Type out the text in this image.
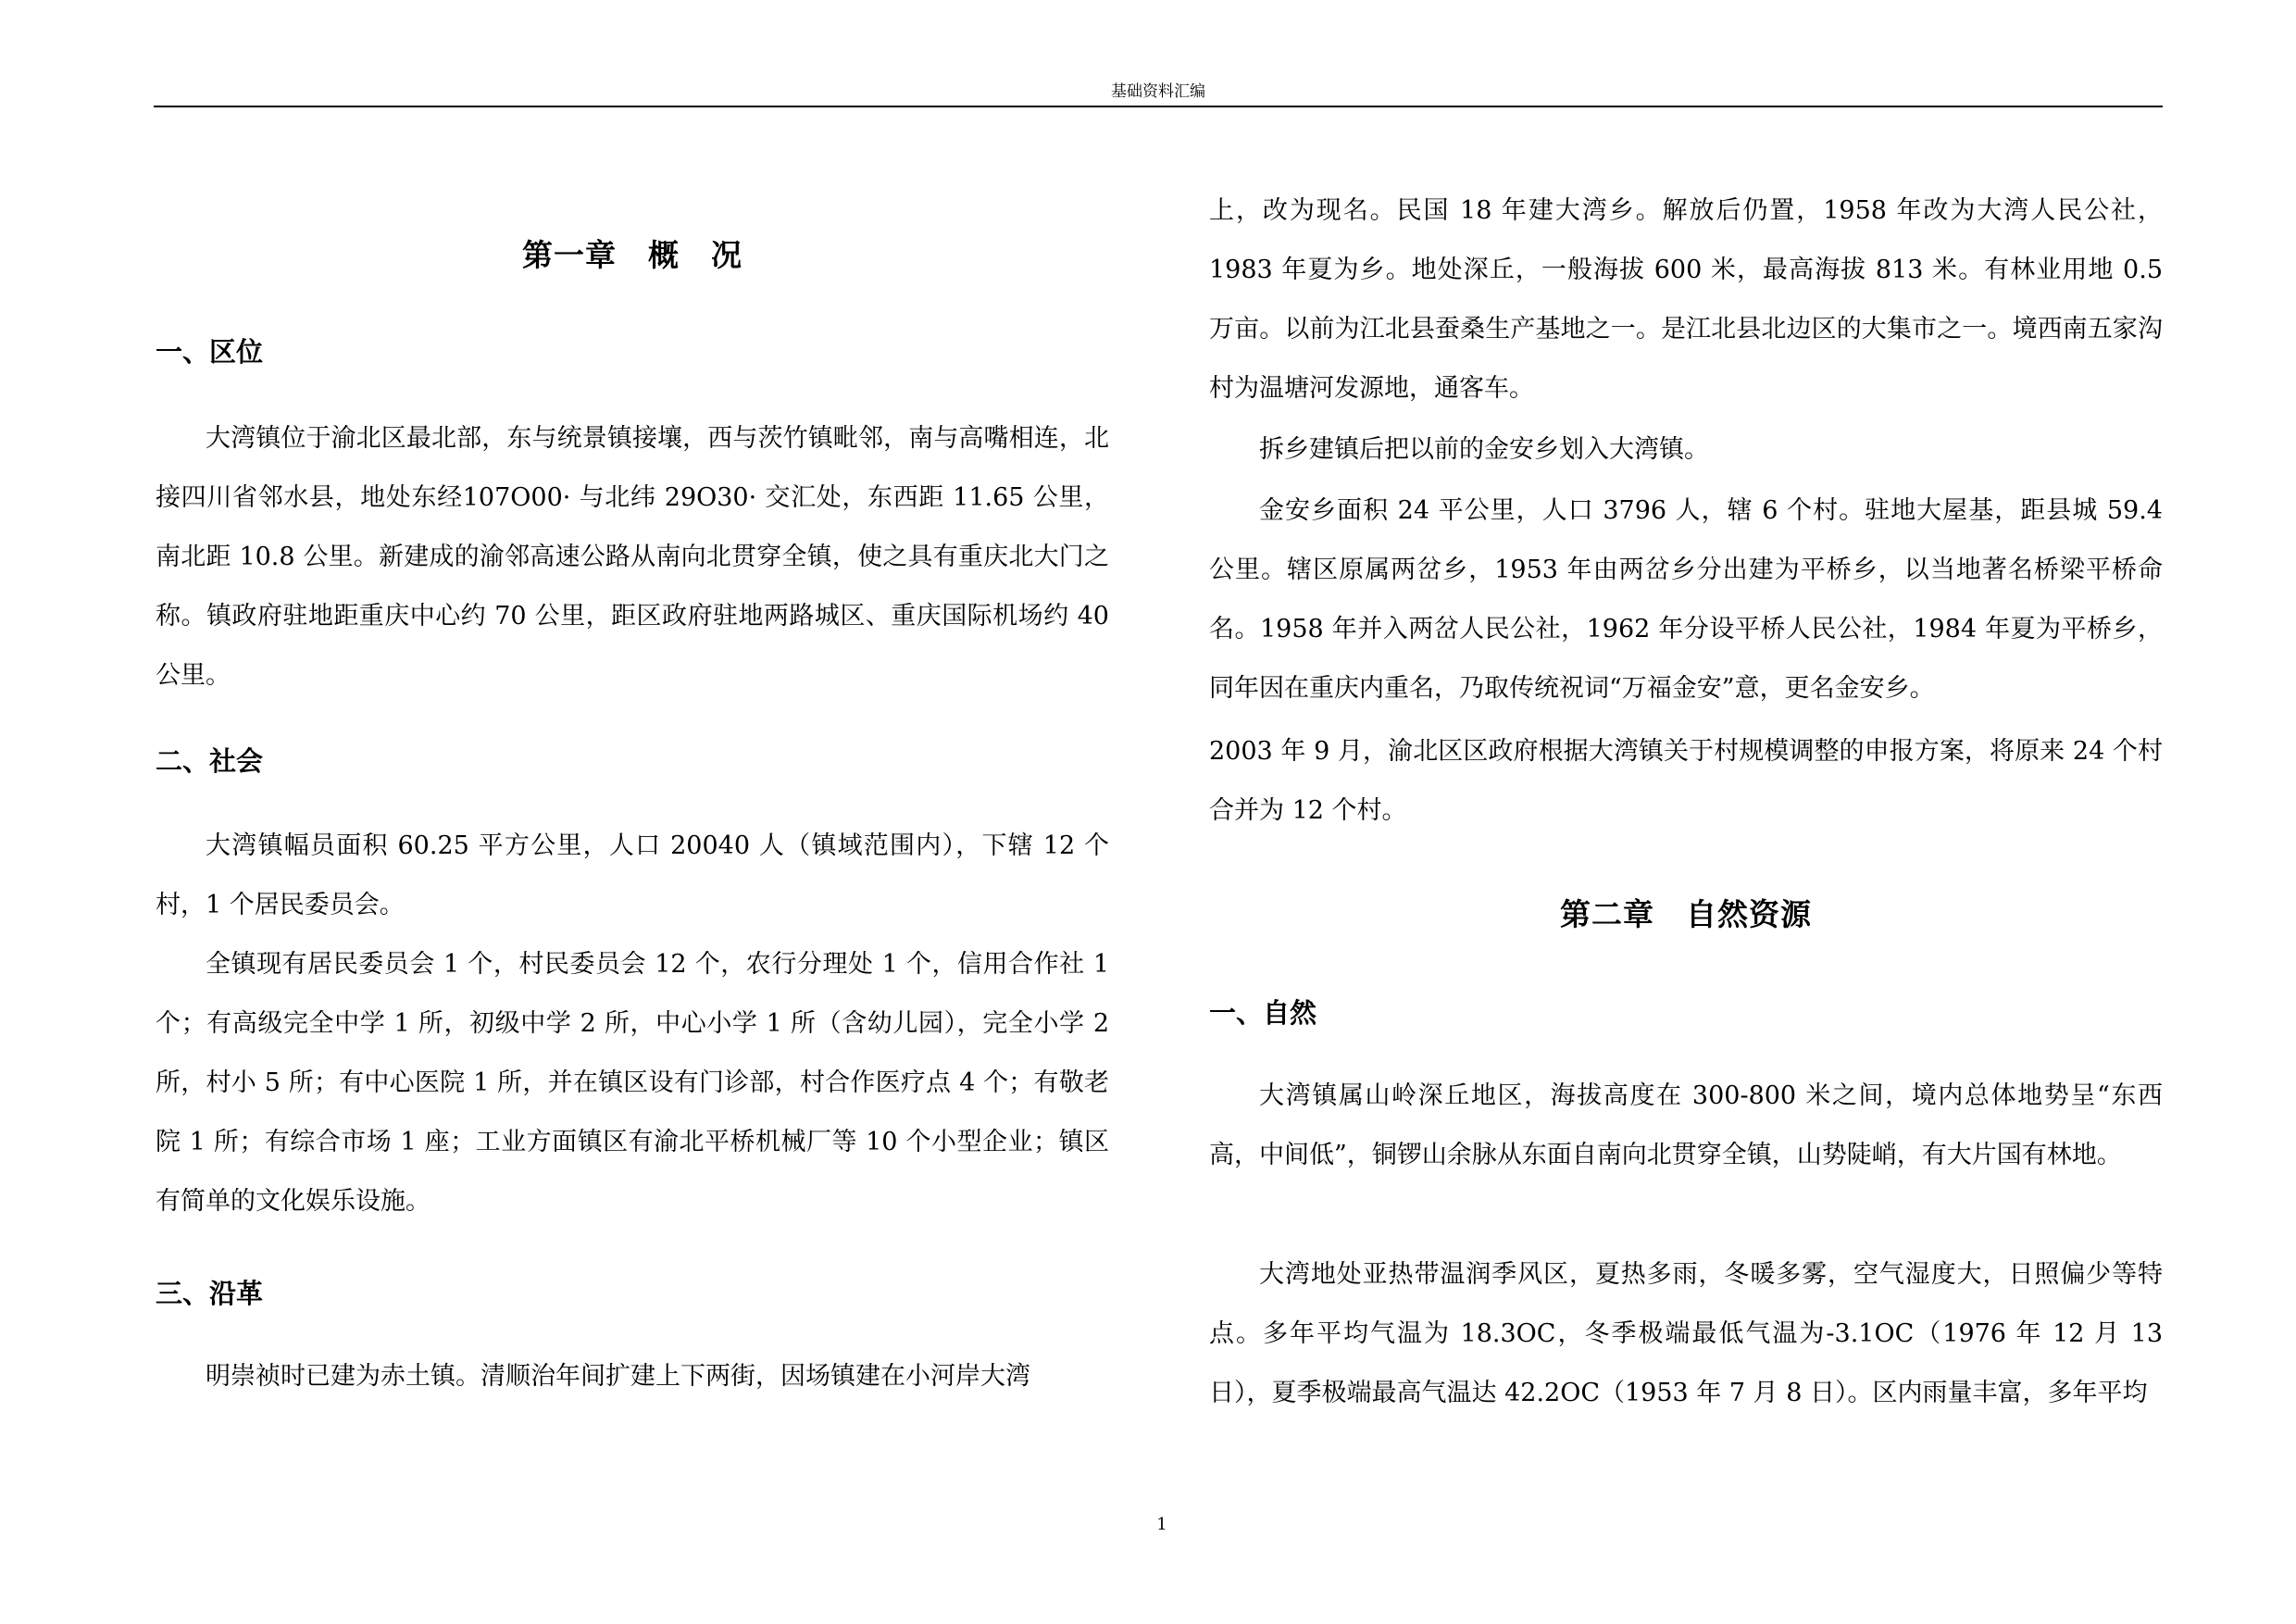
基础资料汇编
第一章　概　况
一、区位

大湾镇位于渝北区最北部，东与统景镇接壤，西与茨竹镇毗邻，南与高嘴相连，北接四川省邻水县，地处东经107O00· 与北纬 29O30· 交汇处，东西距 11.65 公里，南北距 10.8 公里。新建成的渝邻高速公路从南向北贯穿全镇，使之具有重庆北大门之称。镇政府驻地距重庆中心约 70 公里，距区政府驻地两路城区、重庆国际机场约 40 公里。

二、社会

大湾镇幅员面积 60.25 平方公里，人口 20040 人（镇域范围内），下辖 12 个村，1 个居民委员会。

全镇现有居民委员会 1 个，村民委员会 12 个，农行分理处 1 个，信用合作社 1 个；有高级完全中学 1 所，初级中学 2 所，中心小学 1 所（含幼儿园），完全小学 2 所，村小 5 所；有中心医院 1 所，并在镇区设有门诊部，村合作医疗点 4 个；有敬老院 1 所；有综合市场 1 座；工业方面镇区有渝北平桥机械厂等 10 个小型企业；镇区有简单的文化娱乐设施。

三、沿革

明崇祯时已建为赤土镇。清顺治年间扩建上下两街，因场镇建在小河岸大湾

上，改为现名。民国 18 年建大湾乡。解放后仍置，1958 年改为大湾人民公社，1983 年夏为乡。地处深丘，一般海拔 600 米，最高海拔 813 米。有林业用地 0.5 万亩。以前为江北县蚕桑生产基地之一。是江北县北边区的大集市之一。境西南五家沟村为温塘河发源地，通客车。

拆乡建镇后把以前的金安乡划入大湾镇。

金安乡面积 24 平公里，人口 3796 人，辖 6 个村。驻地大屋基，距县城 59.4 公里。辖区原属两岔乡，1953 年由两岔乡分出建为平桥乡，以当地著名桥梁平桥命名。1958 年并入两岔人民公社，1962 年分设平桥人民公社，1984 年夏为平桥乡，同年因在重庆内重名，乃取传统祝词“万福金安”意，更名金安乡。

2003 年 9 月，渝北区区政府根据大湾镇关于村规模调整的申报方案，将原来 24 个村合并为 12 个村。

第二章　自然资源
一、自然

大湾镇属山岭深丘地区，海拔高度在 300-800 米之间，境内总体地势呈“东西高，中间低”，铜锣山余脉从东面自南向北贯穿全镇，山势陡峭，有大片国有林地。

大湾地处亚热带温润季风区，夏热多雨，冬暖多雾，空气湿度大，日照偏少等特点。多年平均气温为 18.3OC，冬季极端最低气温为-3.1OC（1976 年 12 月 13 日），夏季极端最高气温达 42.2OC（1953 年 7 月 8 日）。区内雨量丰富，多年平均

1
